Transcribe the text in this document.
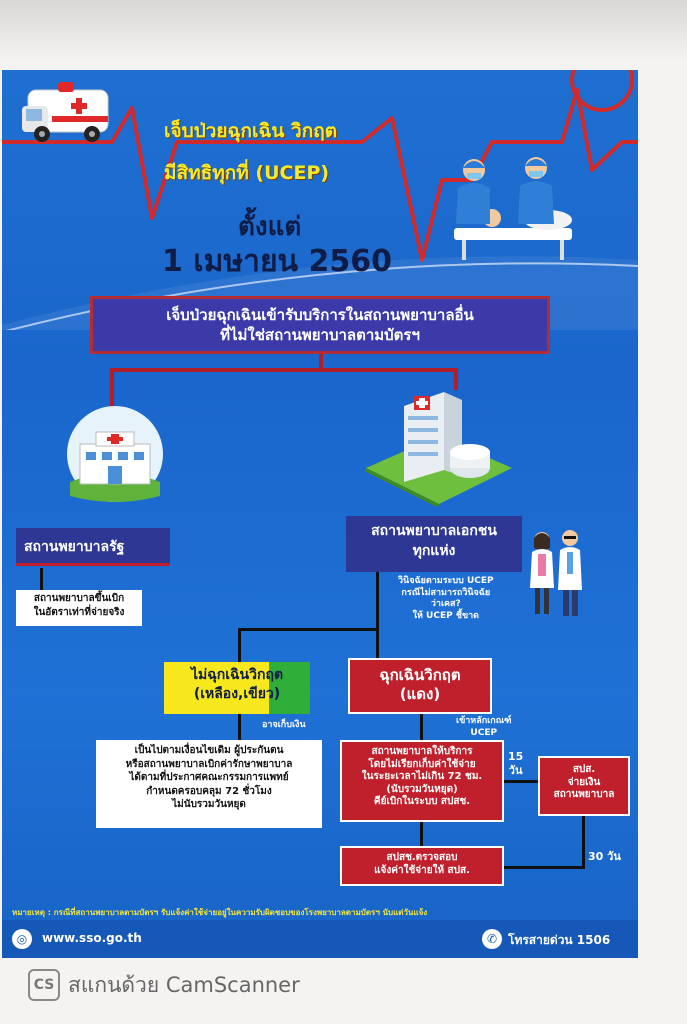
เจ็บป่วยฉุกเฉิน วิกฤต
มีสิทธิทุกที่ (UCEP)
ตั้งแต่
1 เมษายน 2560
เจ็บป่วยฉุกเฉินเข้ารับบริการในสถานพยาบาลอื่น
ที่ไม่ใช่สถานพยาบาลตามบัตรฯ
สถานพยาบาลรัฐ
สถานพยาบาลขึ้นเบิก
ในอัตราเท่าที่จ่ายจริง
สถานพยาบาลเอกชน
ทุกแห่ง
วินิจฉัยตามระบบ UCEP
กรณีไม่สามารถวินิจฉัย
ว่าเคส?
ให้ UCEP ชี้ขาด
ไม่ฉุกเฉินวิกฤต
(เหลือง,เขียว)
อาจเก็บเงิน
เป็นไปตามเงื่อนไขเดิม ผู้ประกันตน
หรือสถานพยาบาลเบิกค่ารักษาพยาบาล
ได้ตามที่ประกาศคณะกรรมการแพทย์
กำหนดครอบคลุม 72 ชั่วโมง
ไม่นับรวมวันหยุด
ฉุกเฉินวิกฤต
(แดง)
เข้าหลักเกณฑ์
UCEP
สถานพยาบาลให้บริการ
โดยไม่เรียกเก็บค่าใช้จ่าย
ในระยะเวลาไม่เกิน 72 ชม.
(นับรวมวันหยุด)
คีย์เบิกในระบบ สปสช.
15
วัน	สปส.
จ่ายเงิน
สถานพยาบาล
สปสช.ตรวจสอบ
แจ้งค่าใช้จ่ายให้ สปส.
30 วัน
หมายเหตุ : กรณีที่สถานพยาบาลตามบัตรฯ รับแจ้งค่าใช้จ่ายอยู่ในความรับผิดชอบของโรงพยาบาลตามบัตรฯ นับแต่วันแจ้ง
◎	www.sso.go.th	✆ โทรสายด่วน 1506
CS สแกนด้วย CamScanner
